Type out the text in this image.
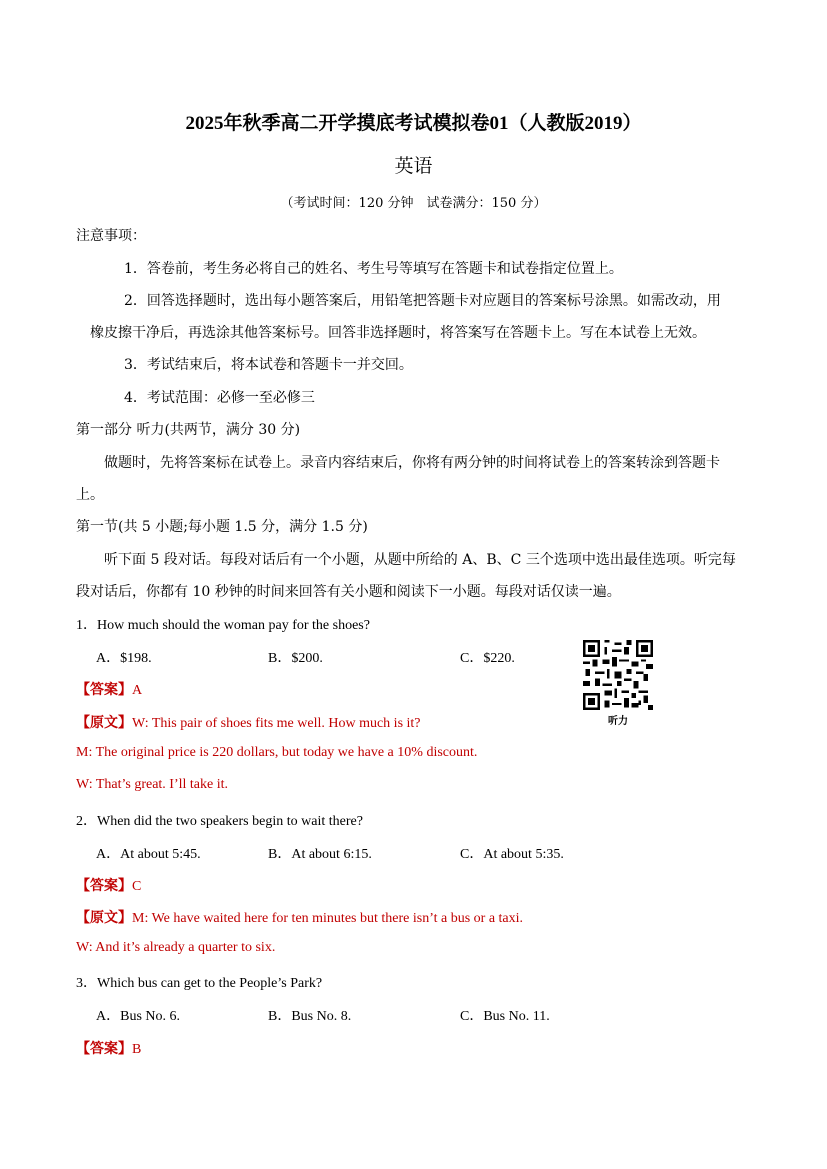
2025年秋季高二开学摸底考试模拟卷01（人教版2019）
英语
（考试时间：120 分钟　试卷满分：150 分）
注意事项：
1．答卷前，考生务必将自己的姓名、考生号等填写在答题卡和试卷指定位置上。
2．回答选择题时，选出每小题答案后，用铅笔把答题卡对应题目的答案标号涂黑。如需改动，用
橡皮擦干净后，再选涂其他答案标号。回答非选择题时，将答案写在答题卡上。写在本试卷上无效。
3．考试结束后，将本试卷和答题卡一并交回。
4．考试范围：必修一至必修三
第一部分 听力(共两节，满分 30 分)
做题时，先将答案标在试卷上。录音内容结束后，你将有两分钟的时间将试卷上的答案转涂到答题卡
上。
第一节(共 5 小题;每小题 1.5 分，满分 1.5 分)
听下面 5 段对话。每段对话后有一个小题，从题中所给的 A、B、C 三个选项中选出最佳选项。听完每
段对话后，你都有 10 秒钟的时间来回答有关小题和阅读下一小题。每段对话仅读一遍。
1．How much should the woman pay for the shoes?
A．$198.	B．$200.	C．$220.
【答案】A
【原文】W: This pair of shoes fits me well. How much is it?
M: The original price is 220 dollars, but today we have a 10% discount.
W: That’s great. I’ll take it.
听力
2．When did the two speakers begin to wait there?
A．At about 5:45.	B．At about 6:15.	C．At about 5:35.
【答案】C
【原文】M: We have waited here for ten minutes but there isn’t a bus or a taxi.
W: And it’s already a quarter to six.
3．Which bus can get to the People’s Park?
A．Bus No. 6.	B．Bus No. 8.	C．Bus No. 11.
【答案】B
